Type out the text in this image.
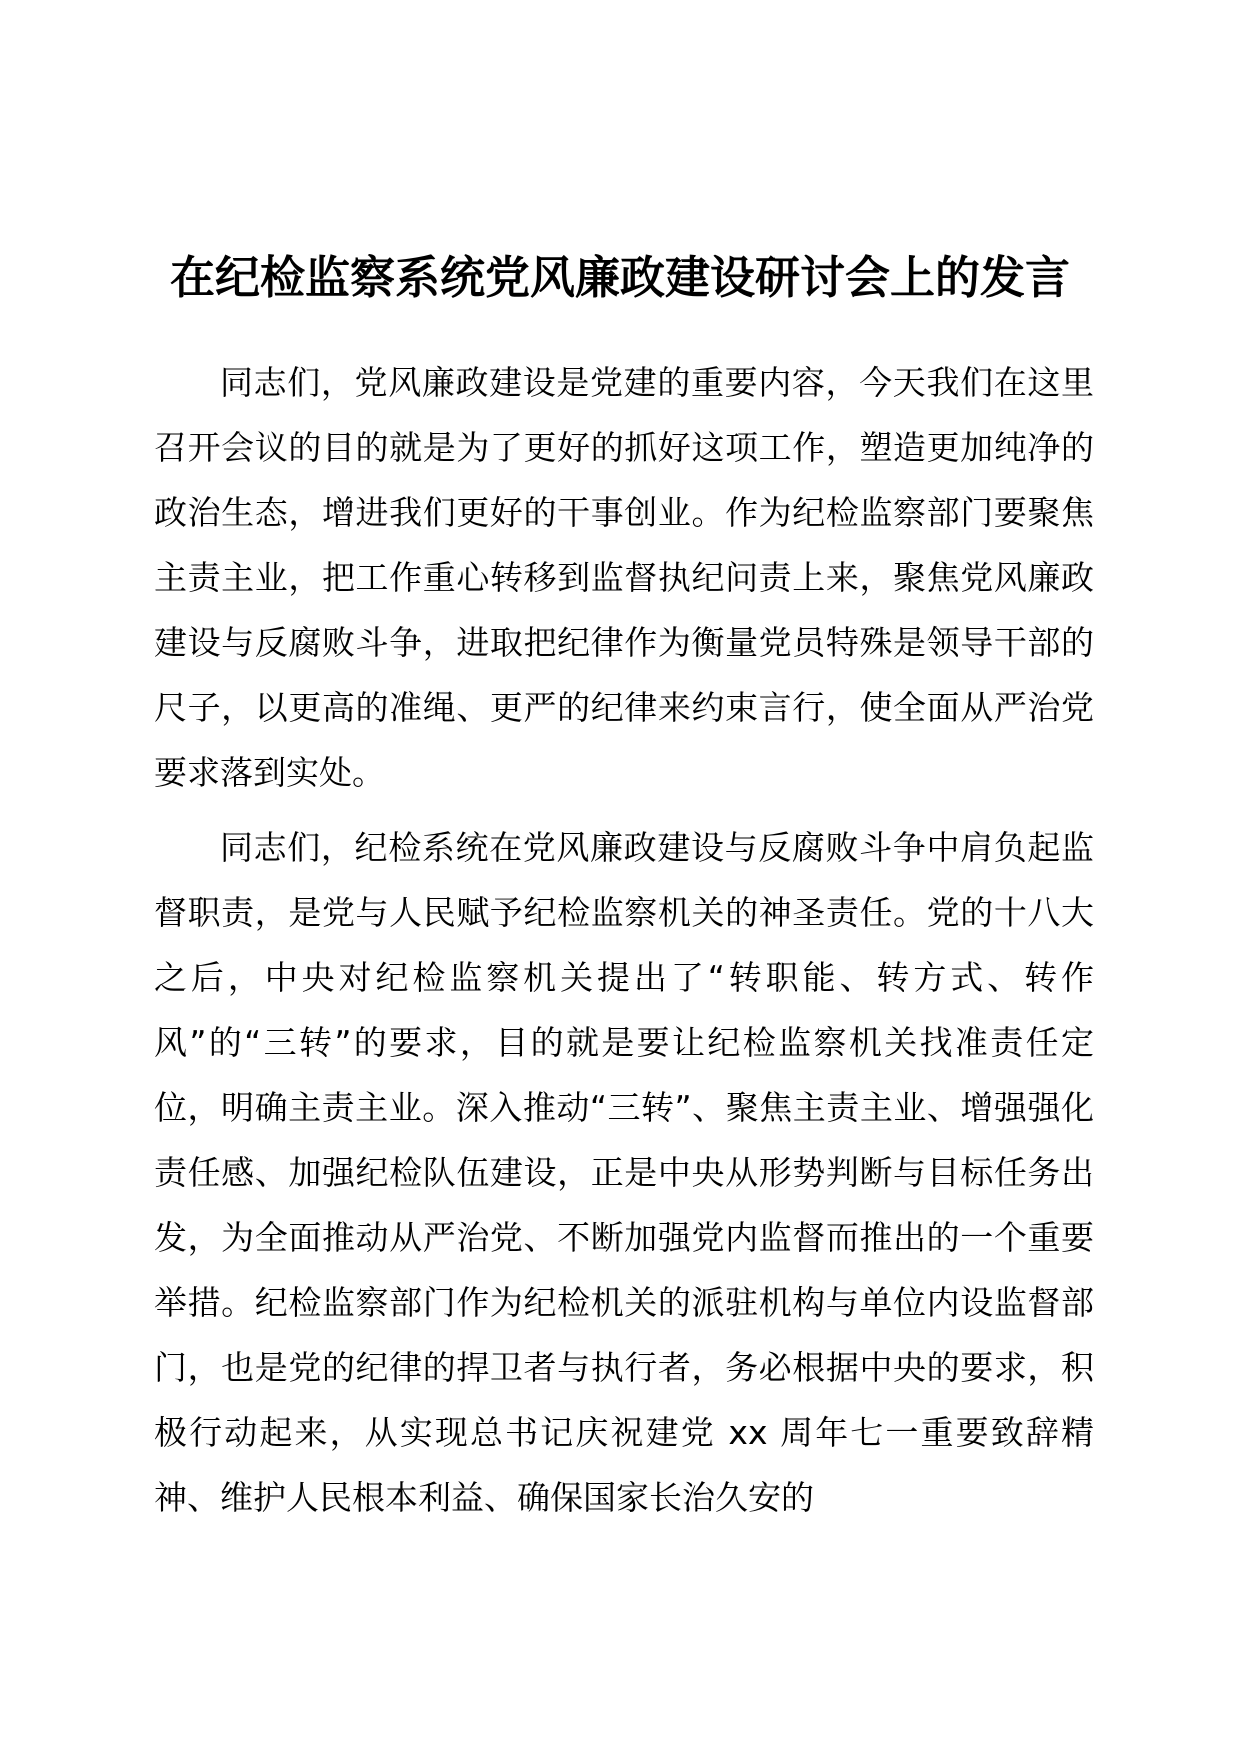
在纪检监察系统党风廉政建设研讨会上的发言

同志们，党风廉政建设是党建的重要内容，今天我们在这里召开会议的目的就是为了更好的抓好这项工作，塑造更加纯净的政治生态，增进我们更好的干事创业。作为纪检监察部门要聚焦主责主业，把工作重心转移到监督执纪问责上来，聚焦党风廉政建设与反腐败斗争，进取把纪律作为衡量党员特殊是领导干部的尺子，以更高的准绳、更严的纪律来约束言行，使全面从严治党要求落到实处。

同志们，纪检系统在党风廉政建设与反腐败斗争中肩负起监督职责，是党与人民赋予纪检监察机关的神圣责任。党的十八大之后，中央对纪检监察机关提出了“转职能、转方式、转作风”的“三转”的要求，目的就是要让纪检监察机关找准责任定位，明确主责主业。深入推动“三转”、聚焦主责主业、增强强化责任感、加强纪检队伍建设，正是中央从形势判断与目标任务出发，为全面推动从严治党、不断加强党内监督而推出的一个重要举措。纪检监察部门作为纪检机关的派驻机构与单位内设监督部门，也是党的纪律的捍卫者与执行者，务必根据中央的要求，积极行动起来，从实现总书记庆祝建党 xx 周年七一重要致辞精神、维护人民根本利益、确保国家长治久安的
